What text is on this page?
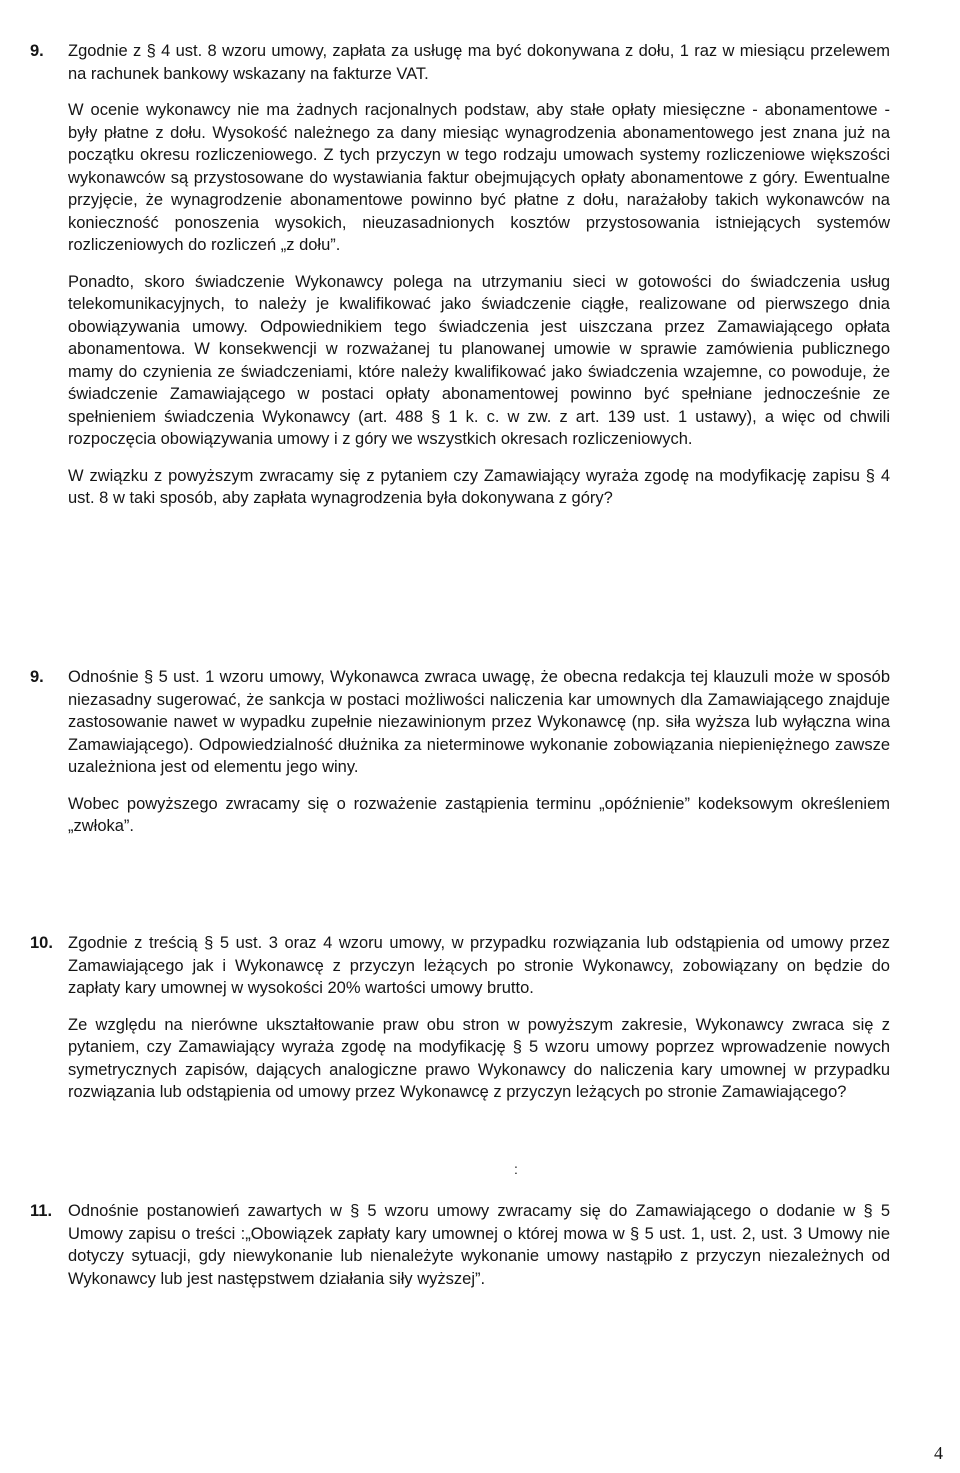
9. Zgodnie z § 4 ust. 8 wzoru umowy, zapłata za usługę ma być dokonywana z dołu, 1 raz w miesiącu przelewem na rachunek bankowy wskazany na fakturze VAT.

W ocenie wykonawcy nie ma żadnych racjonalnych podstaw, aby stałe opłaty miesięczne - abonamentowe - były płatne z dołu. Wysokość należnego za dany miesiąc wynagrodzenia abonamentowego jest znana już na początku okresu rozliczeniowego. Z tych przyczyn w tego rodzaju umowach systemy rozliczeniowe większości wykonawców są przystosowane do wystawiania faktur obejmujących opłaty abonamentowe z góry. Ewentualne przyjęcie, że wynagrodzenie abonamentowe powinno być płatne z dołu, narażałoby takich wykonawców na konieczność ponoszenia wysokich, nieuzasadnionych kosztów przystosowania istniejących systemów rozliczeniowych do rozliczeń „z dołu”.

Ponadto, skoro świadczenie Wykonawcy polega na utrzymaniu sieci w gotowości do świadczenia usług telekomunikacyjnych, to należy je kwalifikować jako świadczenie ciągłe, realizowane od pierwszego dnia obowiązywania umowy. Odpowiednikiem tego świadczenia jest uiszczana przez Zamawiającego opłata abonamentowa. W konsekwencji w rozważanej tu planowanej umowie w sprawie zamówienia publicznego mamy do czynienia ze świadczeniami, które należy kwalifikować jako świadczenia wzajemne, co powoduje, że świadczenie Zamawiającego w postaci opłaty abonamentowej powinno być spełniane jednocześnie ze spełnieniem świadczenia Wykonawcy (art. 488 § 1 k. c. w zw. z art. 139 ust. 1 ustawy), a więc od chwili rozpoczęcia obowiązywania umowy i z góry we wszystkich okresach rozliczeniowych.

W związku z powyższym zwracamy się z pytaniem czy Zamawiający wyraża zgodę na modyfikację zapisu § 4 ust. 8 w taki sposób, aby zapłata wynagrodzenia była dokonywana z góry?

9. Odnośnie § 5 ust. 1 wzoru umowy, Wykonawca zwraca uwagę, że obecna redakcja tej klauzuli może w sposób niezasadny sugerować, że sankcja w postaci możliwości naliczenia kar umownych dla Zamawiającego znajduje zastosowanie nawet w wypadku zupełnie niezawinionym przez Wykonawcę (np. siła wyższa lub wyłączna wina Zamawiającego). Odpowiedzialność dłużnika za nieterminowe wykonanie zobowiązania niepieniężnego zawsze uzależniona jest od elementu jego winy.

Wobec powyższego zwracamy się o rozważenie zastąpienia terminu „opóźnienie” kodeksowym określeniem „zwłoka”.

10. Zgodnie z treścią § 5 ust. 3 oraz 4 wzoru umowy, w przypadku rozwiązania lub odstąpienia od umowy przez Zamawiającego jak i Wykonawcę z przyczyn leżących po stronie Wykonawcy, zobowiązany on będzie do zapłaty kary umownej w wysokości 20% wartości umowy brutto.

Ze względu na nierówne ukształtowanie praw obu stron w powyższym zakresie, Wykonawcy zwraca się z pytaniem, czy Zamawiający wyraża zgodę na modyfikację § 5 wzoru umowy poprzez wprowadzenie nowych symetrycznych zapisów, dających analogiczne prawo Wykonawcy do naliczenia kary umownej w przypadku rozwiązania lub odstąpienia od umowy przez Wykonawcę z przyczyn leżących po stronie Zamawiającego?

:
11. Odnośnie postanowień zawartych w § 5 wzoru umowy zwracamy się do Zamawiającego o dodanie w § 5 Umowy zapisu o treści :„Obowiązek zapłaty kary umownej o której mowa w § 5 ust. 1, ust. 2, ust. 3 Umowy nie dotyczy sytuacji, gdy niewykonanie lub nienależyte wykonanie umowy nastąpiło z przyczyn niezależnych od Wykonawcy lub jest następstwem działania siły wyższej”.

4
